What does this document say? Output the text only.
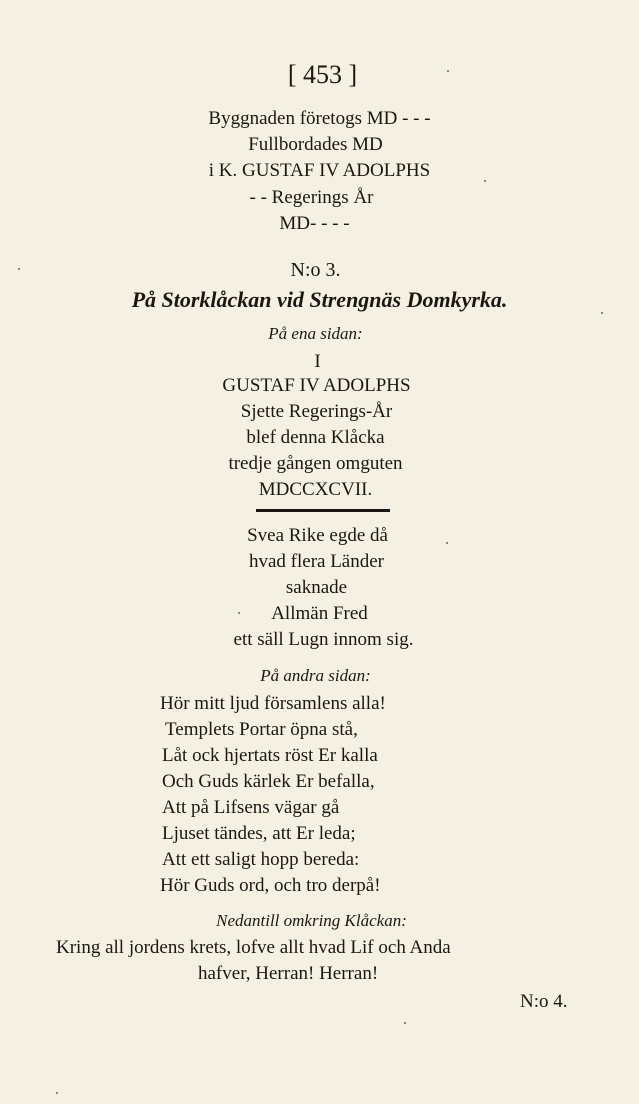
[ 453 ]
Byggnaden företogs MD - - -
Fullbordades MD
i K. GUSTAF IV ADOLPHS
- - Regerings År
MD- - - -
N:o 3.
På Storklåckan vid Strengnäs Domkyrka.
På ena sidan:
I
GUSTAF IV ADOLPHS
Sjette Regerings-År
blef denna Klåcka
tredje gången omguten
MDCCXCVII.
Svea Rike egde då
hvad flera Länder
saknade
Allmän Fred
ett säll Lugn innom sig.
På andra sidan:
Hör mitt ljud församlens alla!
Templets Portar öpna stå,
Låt ock hjertats röst Er kalla
Och Guds kärlek Er befalla,
Att på Lifsens vägar gå
Ljuset tändes, att Er leda;
Att ett saligt hopp bereda:
Hör Guds ord, och tro derpå!
Nedantill omkring Klåckan:
Kring all jordens krets, lofve allt hvad Lif och Anda
hafver, Herran! Herran!
N:o 4.
